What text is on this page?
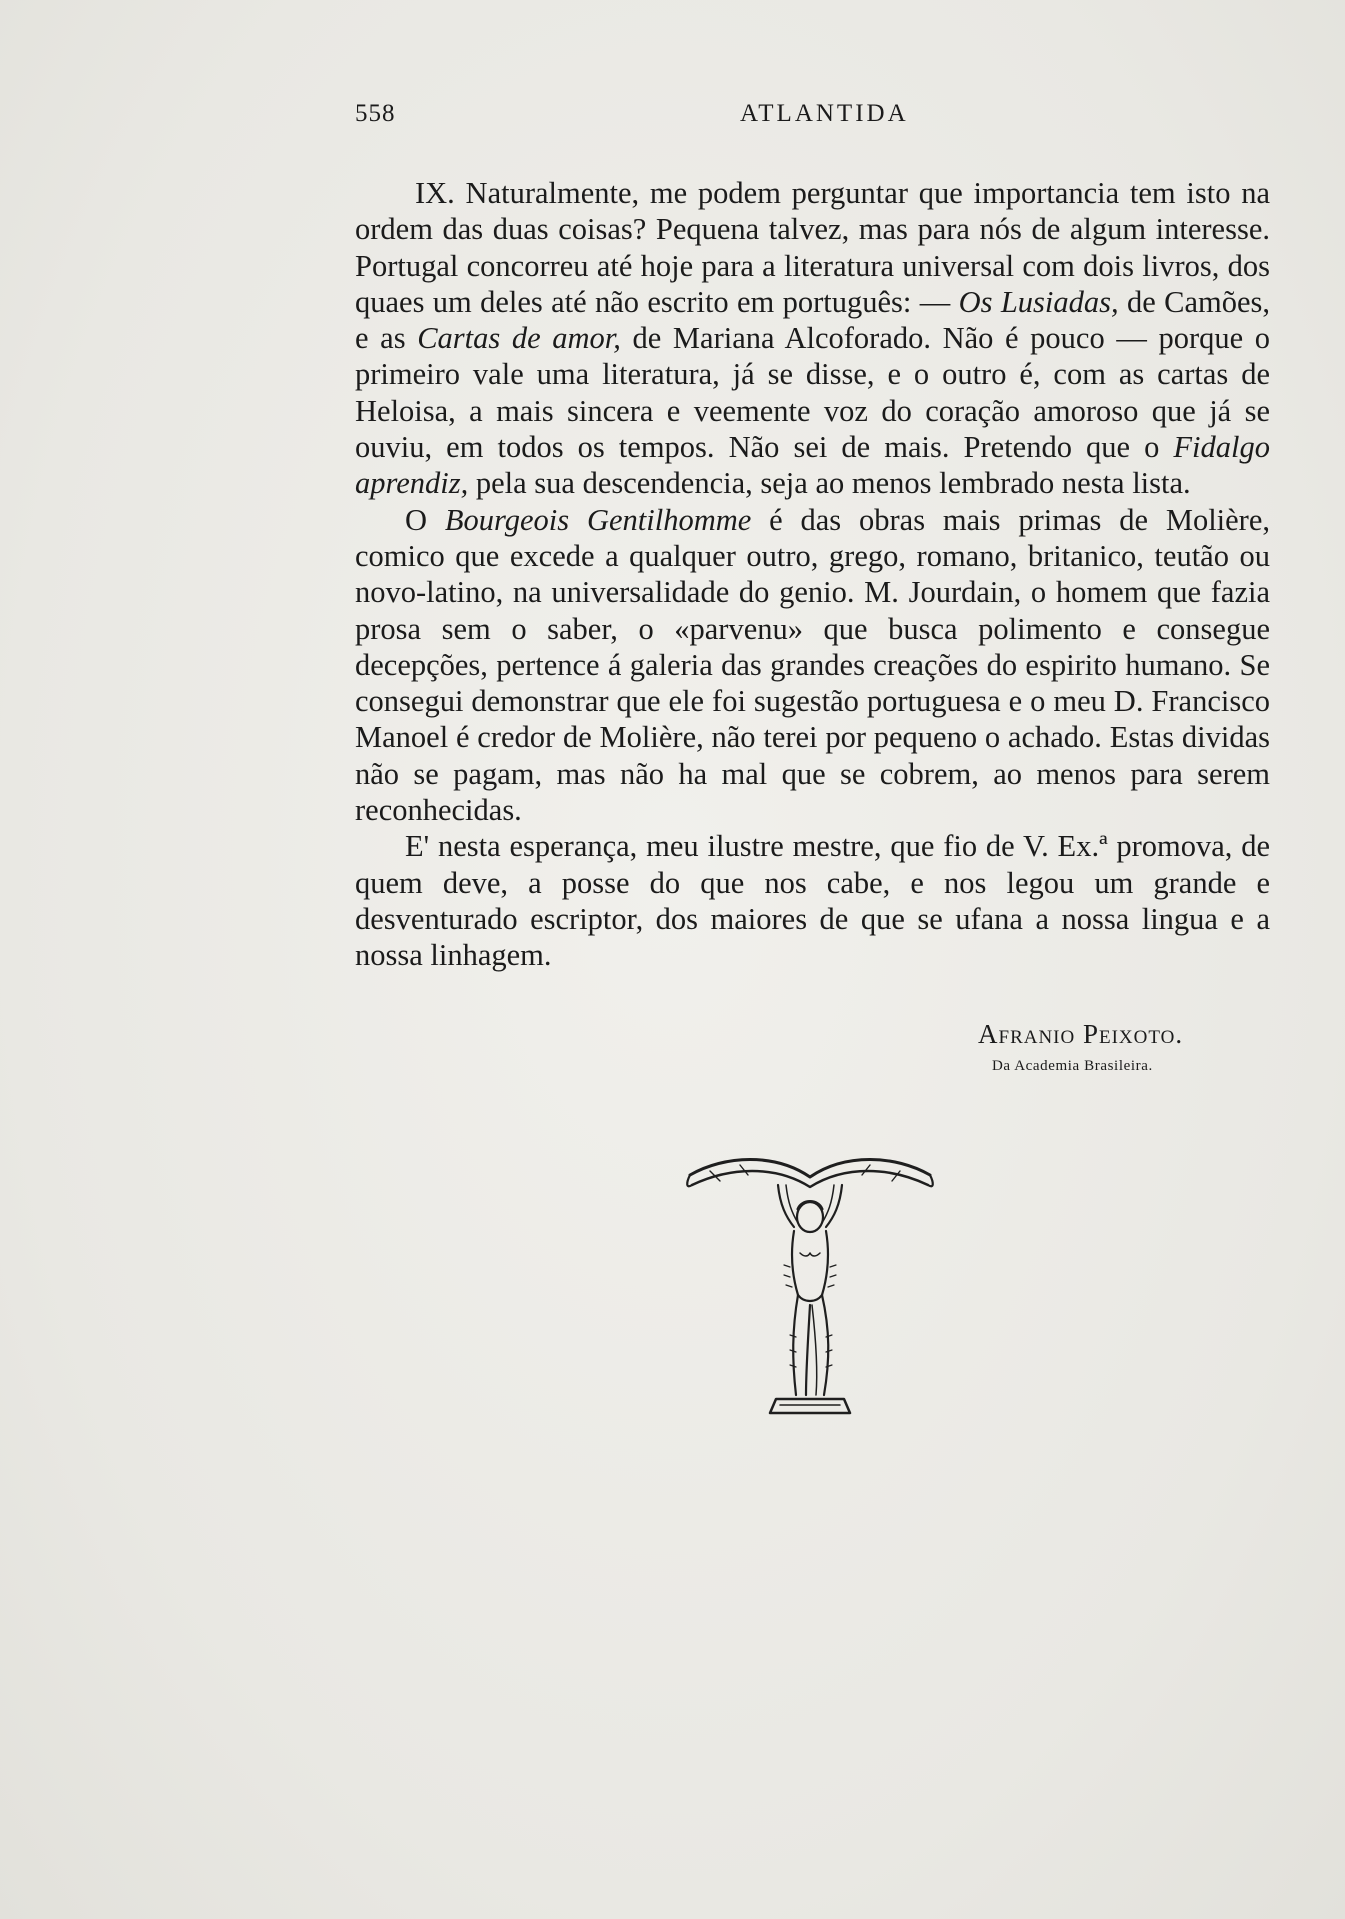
558	ATLANTIDA

IX. Naturalmente, me podem perguntar que importancia tem isto na ordem das duas coisas? Pequena talvez, mas para nós de algum interesse. Portugal concorreu até hoje para a literatura universal com dois livros, dos quaes um deles até não escrito em português: — Os Lusiadas, de Camões, e as Cartas de amor, de Mariana Alcoforado. Não é pouco — porque o primeiro vale uma literatura, já se disse, e o outro é, com as cartas de Heloisa, a mais sincera e veemente voz do coração amoroso que já se ouviu, em todos os tempos. Não sei de mais. Pretendo que o Fidalgo aprendiz, pela sua descendencia, seja ao menos lembrado nesta lista.

O Bourgeois Gentilhomme é das obras mais primas de Molière, comico que excede a qualquer outro, grego, romano, britanico, teutão ou novo-latino, na universalidade do genio. M. Jourdain, o homem que fazia prosa sem o saber, o «parvenu» que busca polimento e consegue decepções, pertence á galeria das grandes creações do espirito humano. Se consegui demonstrar que ele foi sugestão portuguesa e o meu D. Francisco Manoel é credor de Molière, não terei por pequeno o achado. Estas dividas não se pagam, mas não ha mal que se cobrem, ao menos para serem reconhecidas.

E' nesta esperança, meu ilustre mestre, que fio de V. Ex.ª promova, de quem deve, a posse do que nos cabe, e nos legou um grande e desventurado escriptor, dos maiores de que se ufana a nossa lingua e a nossa linhagem.

Afranio Peixoto.
Da Academia Brasileira.
